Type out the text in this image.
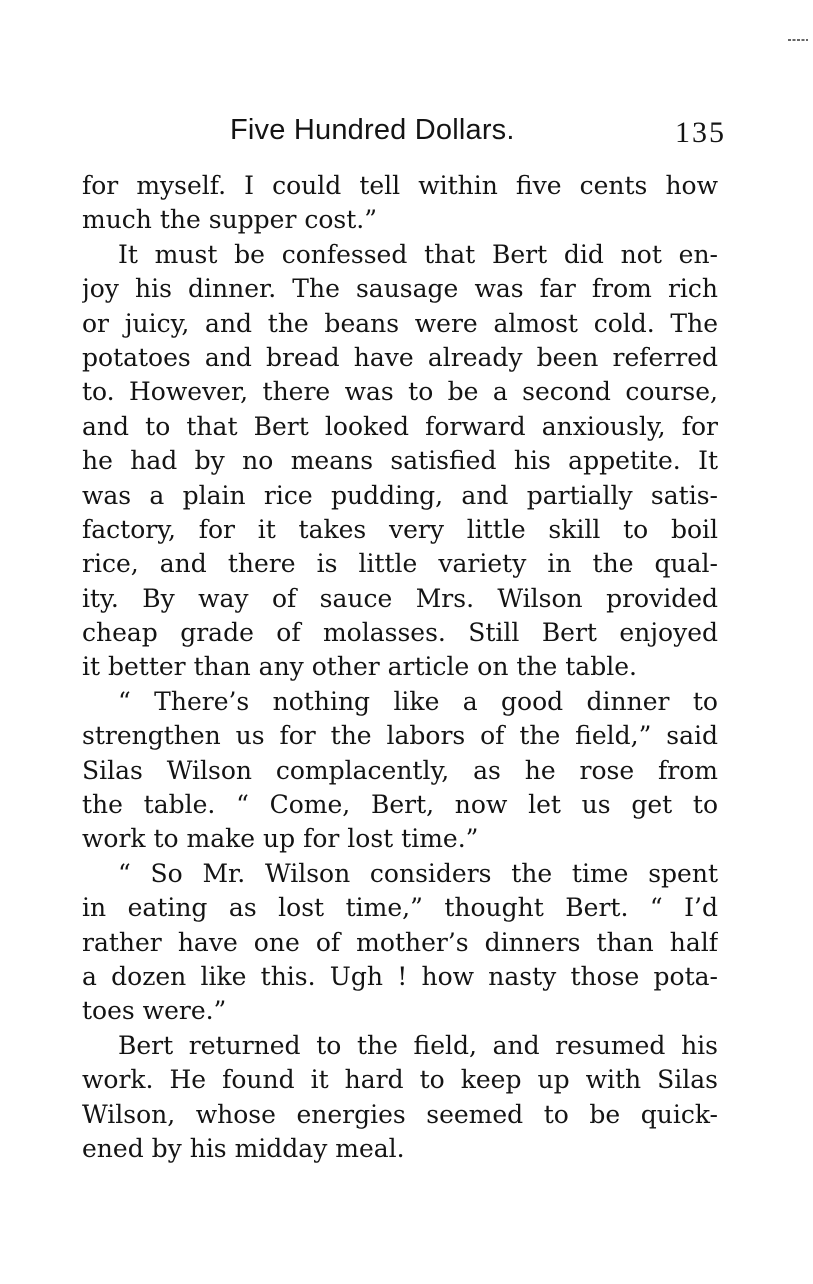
Five Hundred Dollars.	135
for myself. I could tell within five cents how
much the supper cost.”
It must be confessed that Bert did not en-
joy his dinner. The sausage was far from rich
or juicy, and the beans were almost cold. The
potatoes and bread have already been referred
to. However, there was to be a second course,
and to that Bert looked forward anxiously, for
he had by no means satisfied his appetite. It
was a plain rice pudding, and partially satis-
factory, for it takes very little skill to boil
rice, and there is little variety in the qual-
ity. By way of sauce Mrs. Wilson provided
cheap grade of molasses. Still Bert enjoyed
it better than any other article on the table.
“ There’s nothing like a good dinner to
strengthen us for the labors of the field,” said
Silas Wilson complacently, as he rose from
the table. “ Come, Bert, now let us get to
work to make up for lost time.”
“ So Mr. Wilson considers the time spent
in eating as lost time,” thought Bert. “ I’d
rather have one of mother’s dinners than half
a dozen like this. Ugh ! how nasty those pota-
toes were.”
Bert returned to the field, and resumed his
work. He found it hard to keep up with Silas
Wilson, whose energies seemed to be quick-
ened by his midday meal.
